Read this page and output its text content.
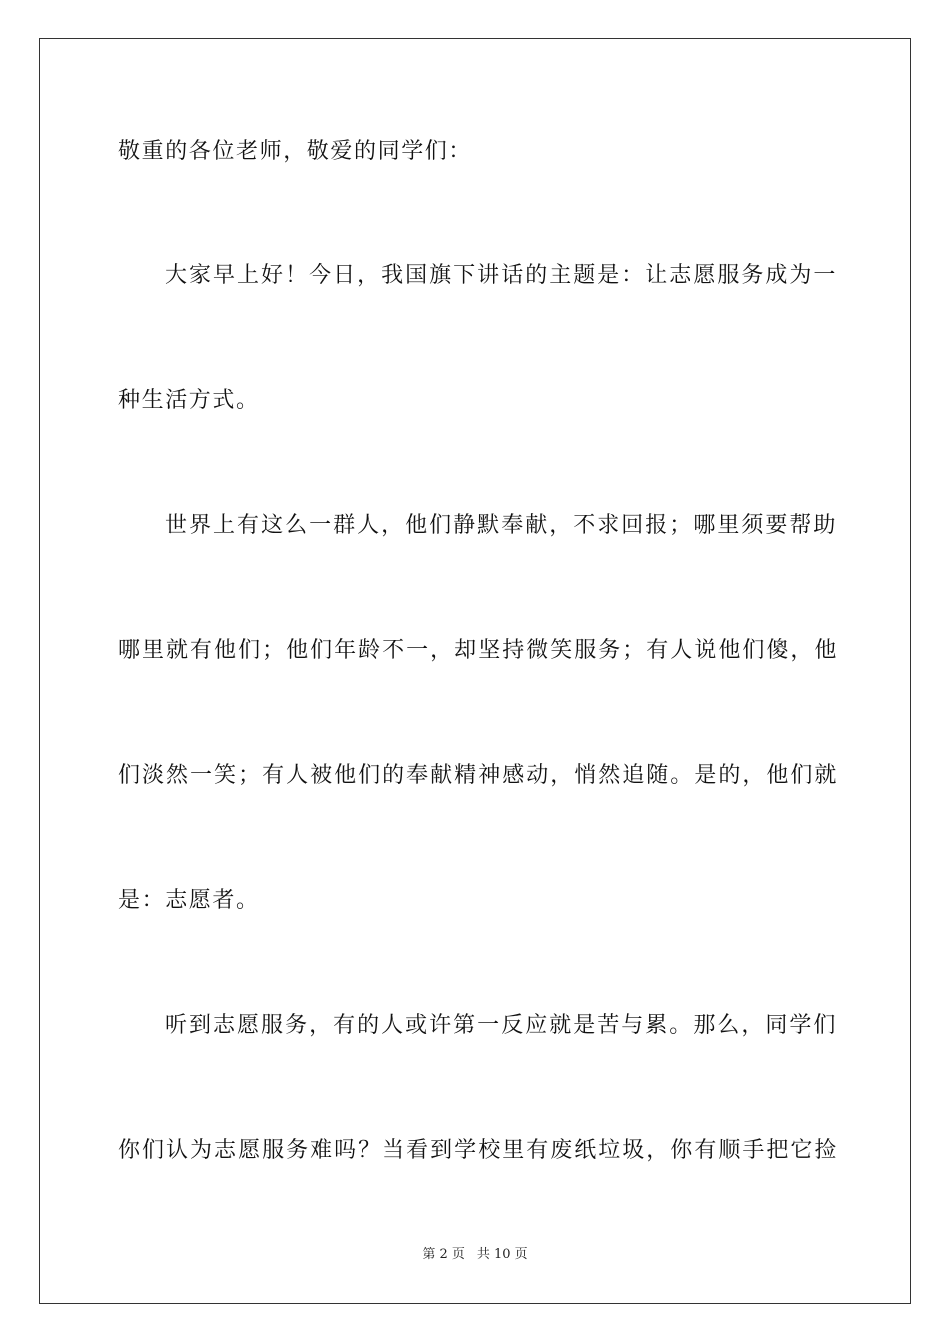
敬重的各位老师，敬爱的同学们：

大家早上好！今日，我国旗下讲话的主题是：让志愿服务成为一

种生活方式。

世界上有这么一群人，他们静默奉献，不求回报；哪里须要帮助

哪里就有他们；他们年龄不一，却坚持微笑服务；有人说他们傻，他

们淡然一笑；有人被他们的奉献精神感动，悄然追随。是的，他们就

是：志愿者。

听到志愿服务，有的人或许第一反应就是苦与累。那么，同学们

你们认为志愿服务难吗？当看到学校里有废纸垃圾，你有顺手把它捡

第 2 页 共 10 页
